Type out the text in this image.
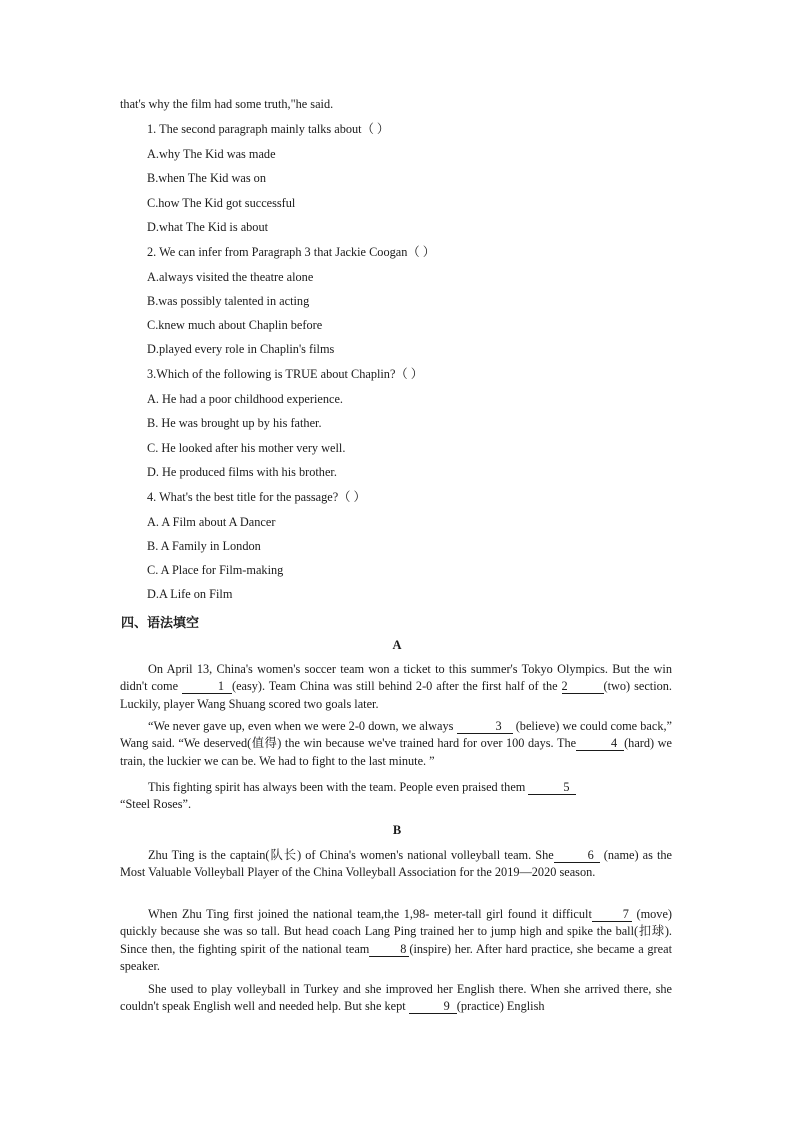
that's why the film had some truth,"he said.
1. The second paragraph mainly talks about（ ）
A.why The Kid was made
B.when The Kid was on
C.how The Kid got successful
D.what The Kid is about
2. We can infer from Paragraph 3 that Jackie Coogan（ ）
A.always visited the theatre alone
B.was possibly talented in acting
C.knew much about Chaplin before
D.played every role in Chaplin's films
3.Which of the following is TRUE about Chaplin?（ ）
A. He had a poor childhood experience.
B. He was brought up by his father.
C. He looked after his mother very well.
D. He produced films with his brother.
4. What's the best title for the passage?（ ）
A. A Film about A Dancer
B. A Family in London
C. A Place for Film-making
D.A Life on Film
四、语法填空
A
On April 13, China's women's soccer team won a ticket to this summer's Tokyo Olympics. But the win didn't come	1 (easy). Team China was still behind 2-0 after the first half of the 2	(two) section. Luckily, player Wang Shuang scored two goals later.
“We never gave up, even when we were 2-0 down, we always	3 (believe) we could come back,” Wang said. “We deserved(值得) the win because we've trained hard for over 100 days. The	4 (hard) we train, the luckier we can be. We had to fight to the last minute. ”
This fighting spirit has always been with the team. People even praised them	5
“Steel Roses”.
B
Zhu Ting is the captain(队长) of China's women's national volleyball team. She	6 (name) as the Most Valuable Volleyball Player of the China Volleyball Association for the 2019—2020 season.
When Zhu Ting first joined the national team,the 1,98- meter-tall girl found it difficult	7 (move) quickly because she was so tall. But head coach Lang Ping trained her to jump high and spike the ball(扣球). Since then, the fighting spirit of the national team	8 (inspire) her. After hard practice, she became a great speaker.
She used to play volleyball in Turkey and she improved her English there. When she arrived there, she couldn't speak English well and needed help. But she kept	9 (practice) English
